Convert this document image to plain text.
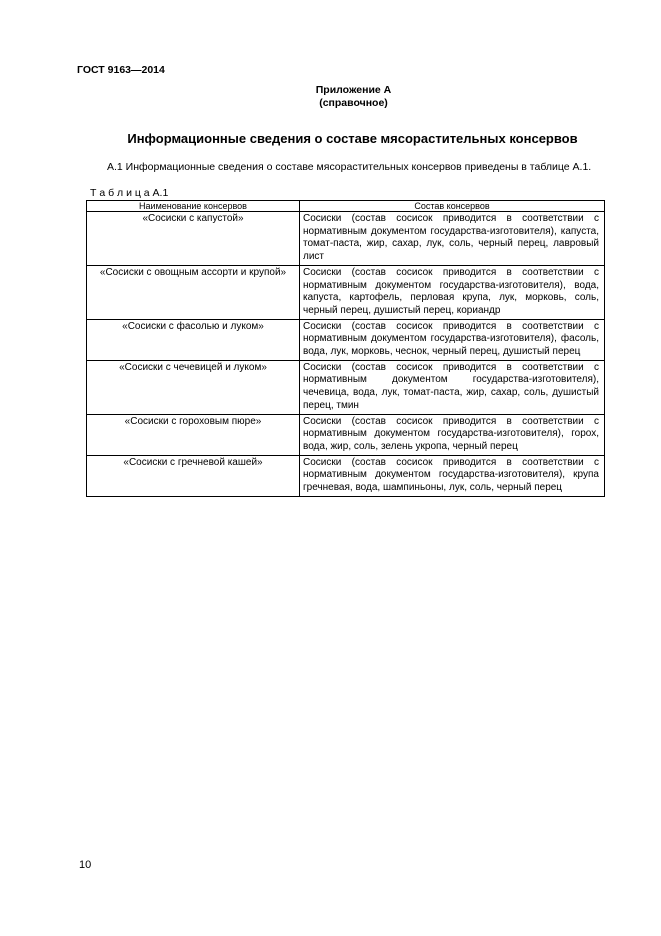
ГОСТ 9163—2014
Приложение А
(справочное)
Информационные сведения о составе мясорастительных консервов
А.1 Информационные сведения о составе мясорастительных консервов приведены в таблице А.1.
Т а б л и ц а А.1
Наименование консервов	Состав консервов
«Сосиски с капустой»	Сосиски (состав сосисок приводится в соответствии с нормативным документом государства-изготовителя), капуста, томат-паста, жир, сахар, лук, соль, черный перец, лавровый лист
«Сосиски с овощным ассорти и крупой»	Сосиски (состав сосисок приводится в соответствии с нормативным документом государства-изготовителя), вода, капуста, картофель, перловая крупа, лук, морковь, соль, черный перец, душистый перец, кориандр
«Сосиски с фасолью и луком»	Сосиски (состав сосисок приводится в соответствии с нормативным документом государства-изготовителя), фасоль, вода, лук, морковь, чеснок, черный перец, душистый перец
«Сосиски с чечевицей и луком»	Сосиски (состав сосисок приводится в соответствии с нормативным документом государства-изготовителя), чечевица, вода, лук, томат-паста, жир, сахар, соль, душистый перец, тмин
«Сосиски с гороховым пюре»	Сосиски (состав сосисок приводится в соответствии с нормативным документом государства-изготовителя), горох, вода, жир, соль, зелень укропа, черный перец
«Сосиски с гречневой кашей»	Сосиски (состав сосисок приводится в соответствии с нормативным документом государства-изготовителя), крупа гречневая, вода, шампиньоны, лук, соль, черный перец
10
